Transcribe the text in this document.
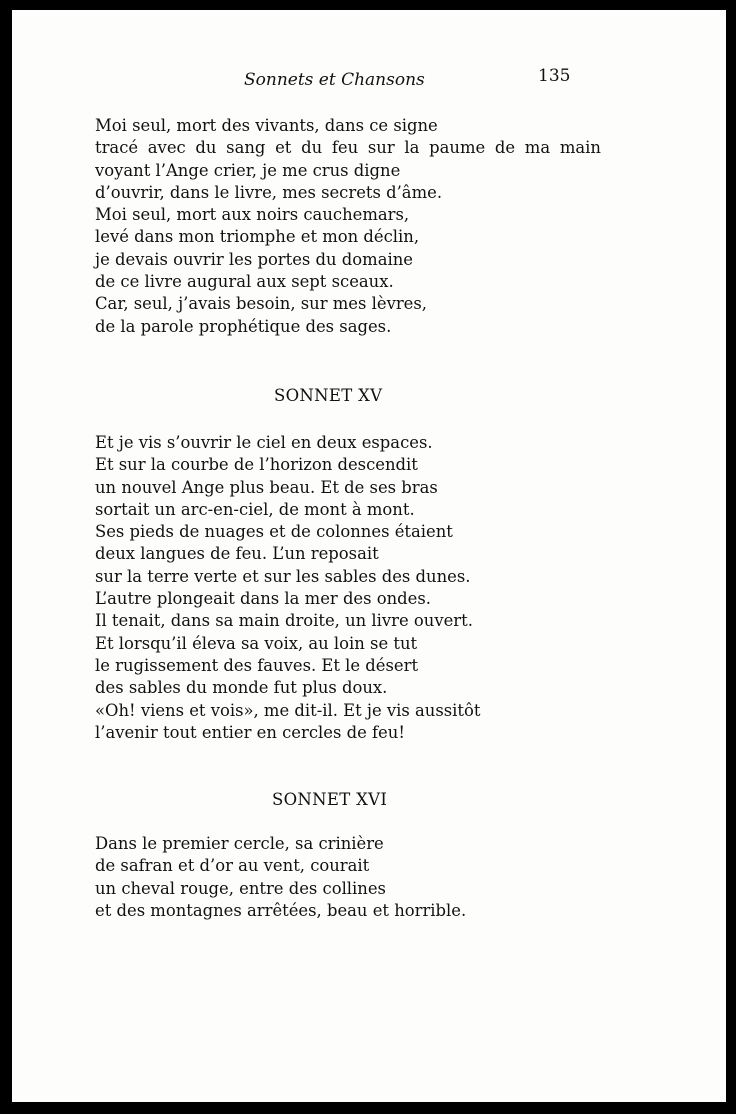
Sonnets et Chansons	135

Moi seul, mort des vivants, dans ce signe
tracé avec du sang et du feu sur la paume de ma main
voyant l’Ange crier, je me crus digne
d’ouvrir, dans le livre, mes secrets d’âme.
Moi seul, mort aux noirs cauchemars,
levé dans mon triomphe et mon déclin,
je devais ouvrir les portes du domaine
de ce livre augural aux sept sceaux.
Car, seul, j’avais besoin, sur mes lèvres,
de la parole prophétique des sages.
SONNET XV
Et je vis s’ouvrir le ciel en deux espaces.
Et sur la courbe de l’horizon descendit
un nouvel Ange plus beau. Et de ses bras
sortait un arc-en-ciel, de mont à mont.
Ses pieds de nuages et de colonnes étaient
deux langues de feu. L’un reposait
sur la terre verte et sur les sables des dunes.
L’autre plongeait dans la mer des ondes.
Il tenait, dans sa main droite, un livre ouvert.
Et lorsqu’il éleva sa voix, au loin se tut
le rugissement des fauves. Et le désert
des sables du monde fut plus doux.
«Oh! viens et vois», me dit-il. Et je vis aussitôt
l’avenir tout entier en cercles de feu!
SONNET XVI
Dans le premier cercle, sa crinière
de safran et d’or au vent, courait
un cheval rouge, entre des collines
et des montagnes arrêtées, beau et horrible.
